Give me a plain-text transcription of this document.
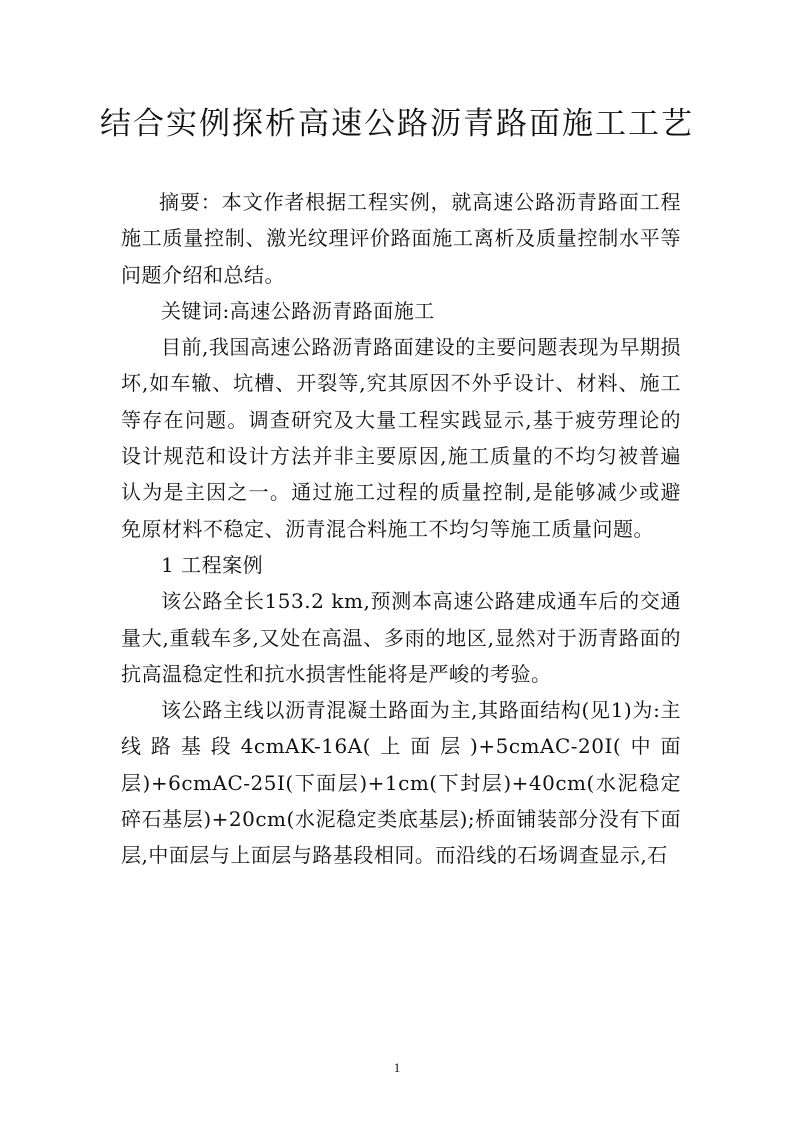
结合实例探析高速公路沥青路面施工工艺

摘要：本文作者根据工程实例，就高速公路沥青路面工程施工质量控制、激光纹理评价路面施工离析及质量控制水平等问题介绍和总结。

关键词:高速公路沥青路面施工

目前,我国高速公路沥青路面建设的主要问题表现为早期损坏,如车辙、坑槽、开裂等,究其原因不外乎设计、材料、施工等存在问题。调查研究及大量工程实践显示,基于疲劳理论的设计规范和设计方法并非主要原因,施工质量的不均匀被普遍认为是主因之一。通过施工过程的质量控制,是能够减少或避免原材料不稳定、沥青混合料施工不均匀等施工质量问题。

1 工程案例

该公路全长153.2 km,预测本高速公路建成通车后的交通量大,重载车多,又处在高温、多雨的地区,显然对于沥青路面的抗高温稳定性和抗水损害性能将是严峻的考验。

该公路主线以沥青混凝土路面为主,其路面结构(见1)为:主线路基段4cmAK-16A(上面层)+5cmAC-20I(中面层)+6cmAC-25I(下面层)+1cm(下封层)+40cm(水泥稳定碎石基层)+20cm(水泥稳定类底基层);桥面铺装部分没有下面层,中面层与上面层与路基段相同。而沿线的石场调查显示,石

1
